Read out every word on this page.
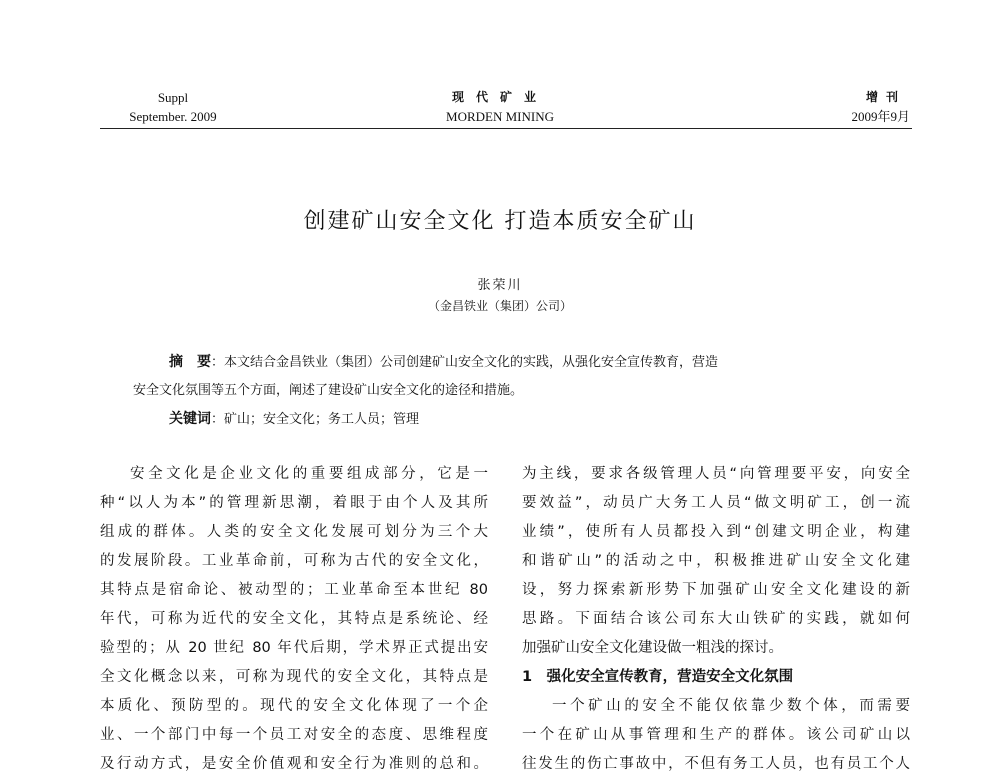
Suppl
September. 2009
现代矿业
MORDEN MINING
增刊
2009年9月
创建矿山安全文化 打造本质安全矿山
张荣川
（金昌铁业（集团）公司）
摘　要：本文结合金昌铁业（集团）公司创建矿山安全文化的实践，从强化安全宣传教育，营造
安全文化氛围等五个方面，阐述了建设矿山安全文化的途径和措施。
关键词：矿山；安全文化；务工人员；管理
安全文化是企业文化的重要组成部分，它是一
种“以人为本”的管理新思潮，着眼于由个人及其所
组成的群体。人类的安全文化发展可划分为三个大
的发展阶段。工业革命前，可称为古代的安全文化，
其特点是宿命论、被动型的；工业革命至本世纪 80
年代，可称为近代的安全文化，其特点是系统论、经
验型的；从 20 世纪 80 年代后期，学术界正式提出安
全文化概念以来，可称为现代的安全文化，其特点是
本质化、预防型的。现代的安全文化体现了一个企
业、一个部门中每一个员工对安全的态度、思维程度
及行动方式，是安全价值观和安全行为准则的总和。
为主线，要求各级管理人员“向管理要平安，向安全
要效益”，动员广大务工人员“做文明矿工，创一流
业绩”，使所有人员都投入到“创建文明企业，构建
和谐矿山”的活动之中，积极推进矿山安全文化建
设，努力探索新形势下加强矿山安全文化建设的新
思路。下面结合该公司东大山铁矿的实践，就如何
加强矿山安全文化建设做一粗浅的探讨。
1　强化安全宣传教育，营造安全文化氛围
一个矿山的安全不能仅依靠少数个体，而需要
一个在矿山从事管理和生产的群体。该公司矿山以
往发生的伤亡事故中，不但有务工人员，也有员工个人
